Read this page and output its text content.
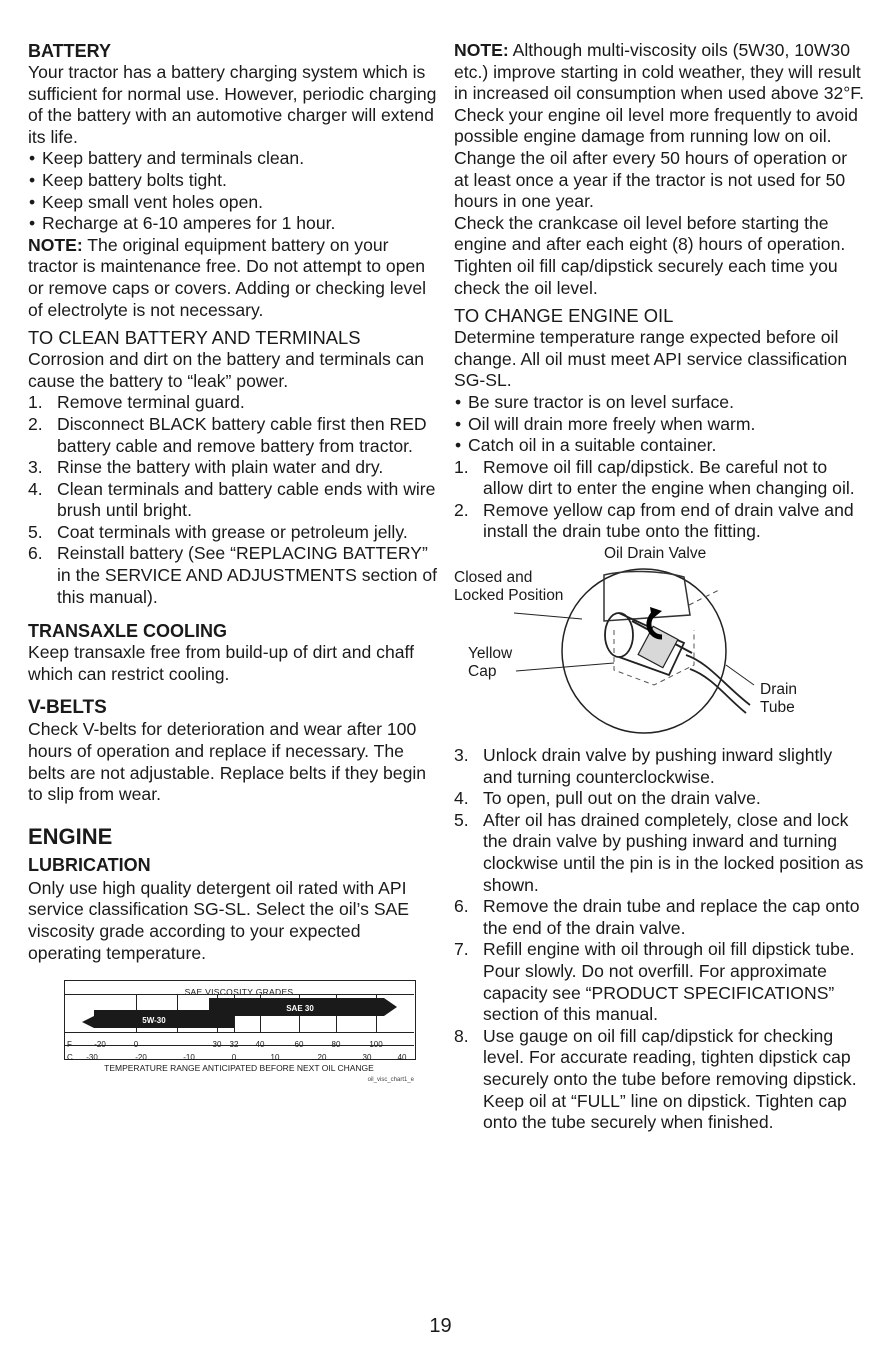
BATTERY

Your tractor has a battery charging system which is sufficient for normal use. However, periodic charging of the battery with an automotive charger will extend its life.

• Keep battery and terminals clean.
• Keep battery bolts tight.
• Keep small vent holes open.
• Recharge at 6-10 amperes for 1 hour.

NOTE: The original equipment battery on your tractor is maintenance free. Do not attempt to open or remove caps or covers. Adding or checking level of electrolyte is not necessary.

TO CLEAN BATTERY AND TERMINALS

Corrosion and dirt on the battery and terminals can cause the battery to “leak” power.

1. Remove terminal guard.
2. Disconnect BLACK battery cable first then RED battery cable and remove battery from tractor.
3. Rinse the battery with plain water and dry.
4. Clean terminals and battery cable ends with wire brush until bright.
5. Coat terminals with grease or petroleum jelly.
6. Reinstall battery (See “REPLACING BATTERY” in the SERVICE AND ADJUSTMENTS section of this manual).
TRANSAXLE COOLING

Keep transaxle free from build-up of dirt and chaff which can restrict cooling.

V-BELTS

Check V-belts for deterioration and wear after 100 hours of operation and replace if necessary. The belts are not adjustable. Replace belts if they begin to slip from wear.

ENGINE
LUBRICATION

Only use high quality detergent oil rated with API service classification SG-SL. Select the oil’s SAE viscosity grade according to your expected operating temperature.

SAE VISCOSITY GRADES
SAE 30
5W-30
F	-20	0	30 32 40	60	80	100
C -30	-20	-10	0	10	20	30	40
TEMPERATURE RANGE ANTICIPATED BEFORE NEXT OIL CHANGE
oil_visc_chart1_e

NOTE: Although multi-viscosity oils (5W30, 10W30 etc.) improve starting in cold weather, they will result in increased oil consumption when used above 32°F. Check your engine oil level more frequently to avoid possible engine damage from running low on oil.

Change the oil after every 50 hours of operation or at least once a year if the tractor is not used for 50 hours in one year.

Check the crankcase oil level before starting the engine and after each eight (8) hours of operation. Tighten oil fill cap/dipstick securely each time you check the oil level.

TO CHANGE ENGINE OIL

Determine temperature range expected before oil change. All oil must meet API service classification SG-SL.

• Be sure tractor is on level surface.
• Oil will drain more freely when warm.
• Catch oil in a suitable container.
1. Remove oil fill cap/dipstick. Be careful not to allow dirt to enter the engine when changing oil.
2. Remove yellow cap from end of drain valve and install the drain tube onto the fitting.
Oil Drain Valve
Closed and Locked Position
Yellow Cap
Drain Tube
3. Unlock drain valve by pushing inward slightly and turning counterclockwise.
4. To open, pull out on the drain valve.
5. After oil has drained completely, close and lock the drain valve by pushing inward and turning clockwise until the pin is in the locked position as shown.
6. Remove the drain tube and replace the cap onto the end of the drain valve.
7. Refill engine with oil through oil fill dipstick tube. Pour slowly. Do not overfill. For approximate capacity see “PRODUCT SPECIFICATIONS” section of this manual.
8. Use gauge on oil fill cap/dipstick for checking level. For accurate reading, tighten dipstick cap securely onto the tube before removing dipstick. Keep oil at “FULL” line on dipstick. Tighten cap onto the tube securely when finished.
19
